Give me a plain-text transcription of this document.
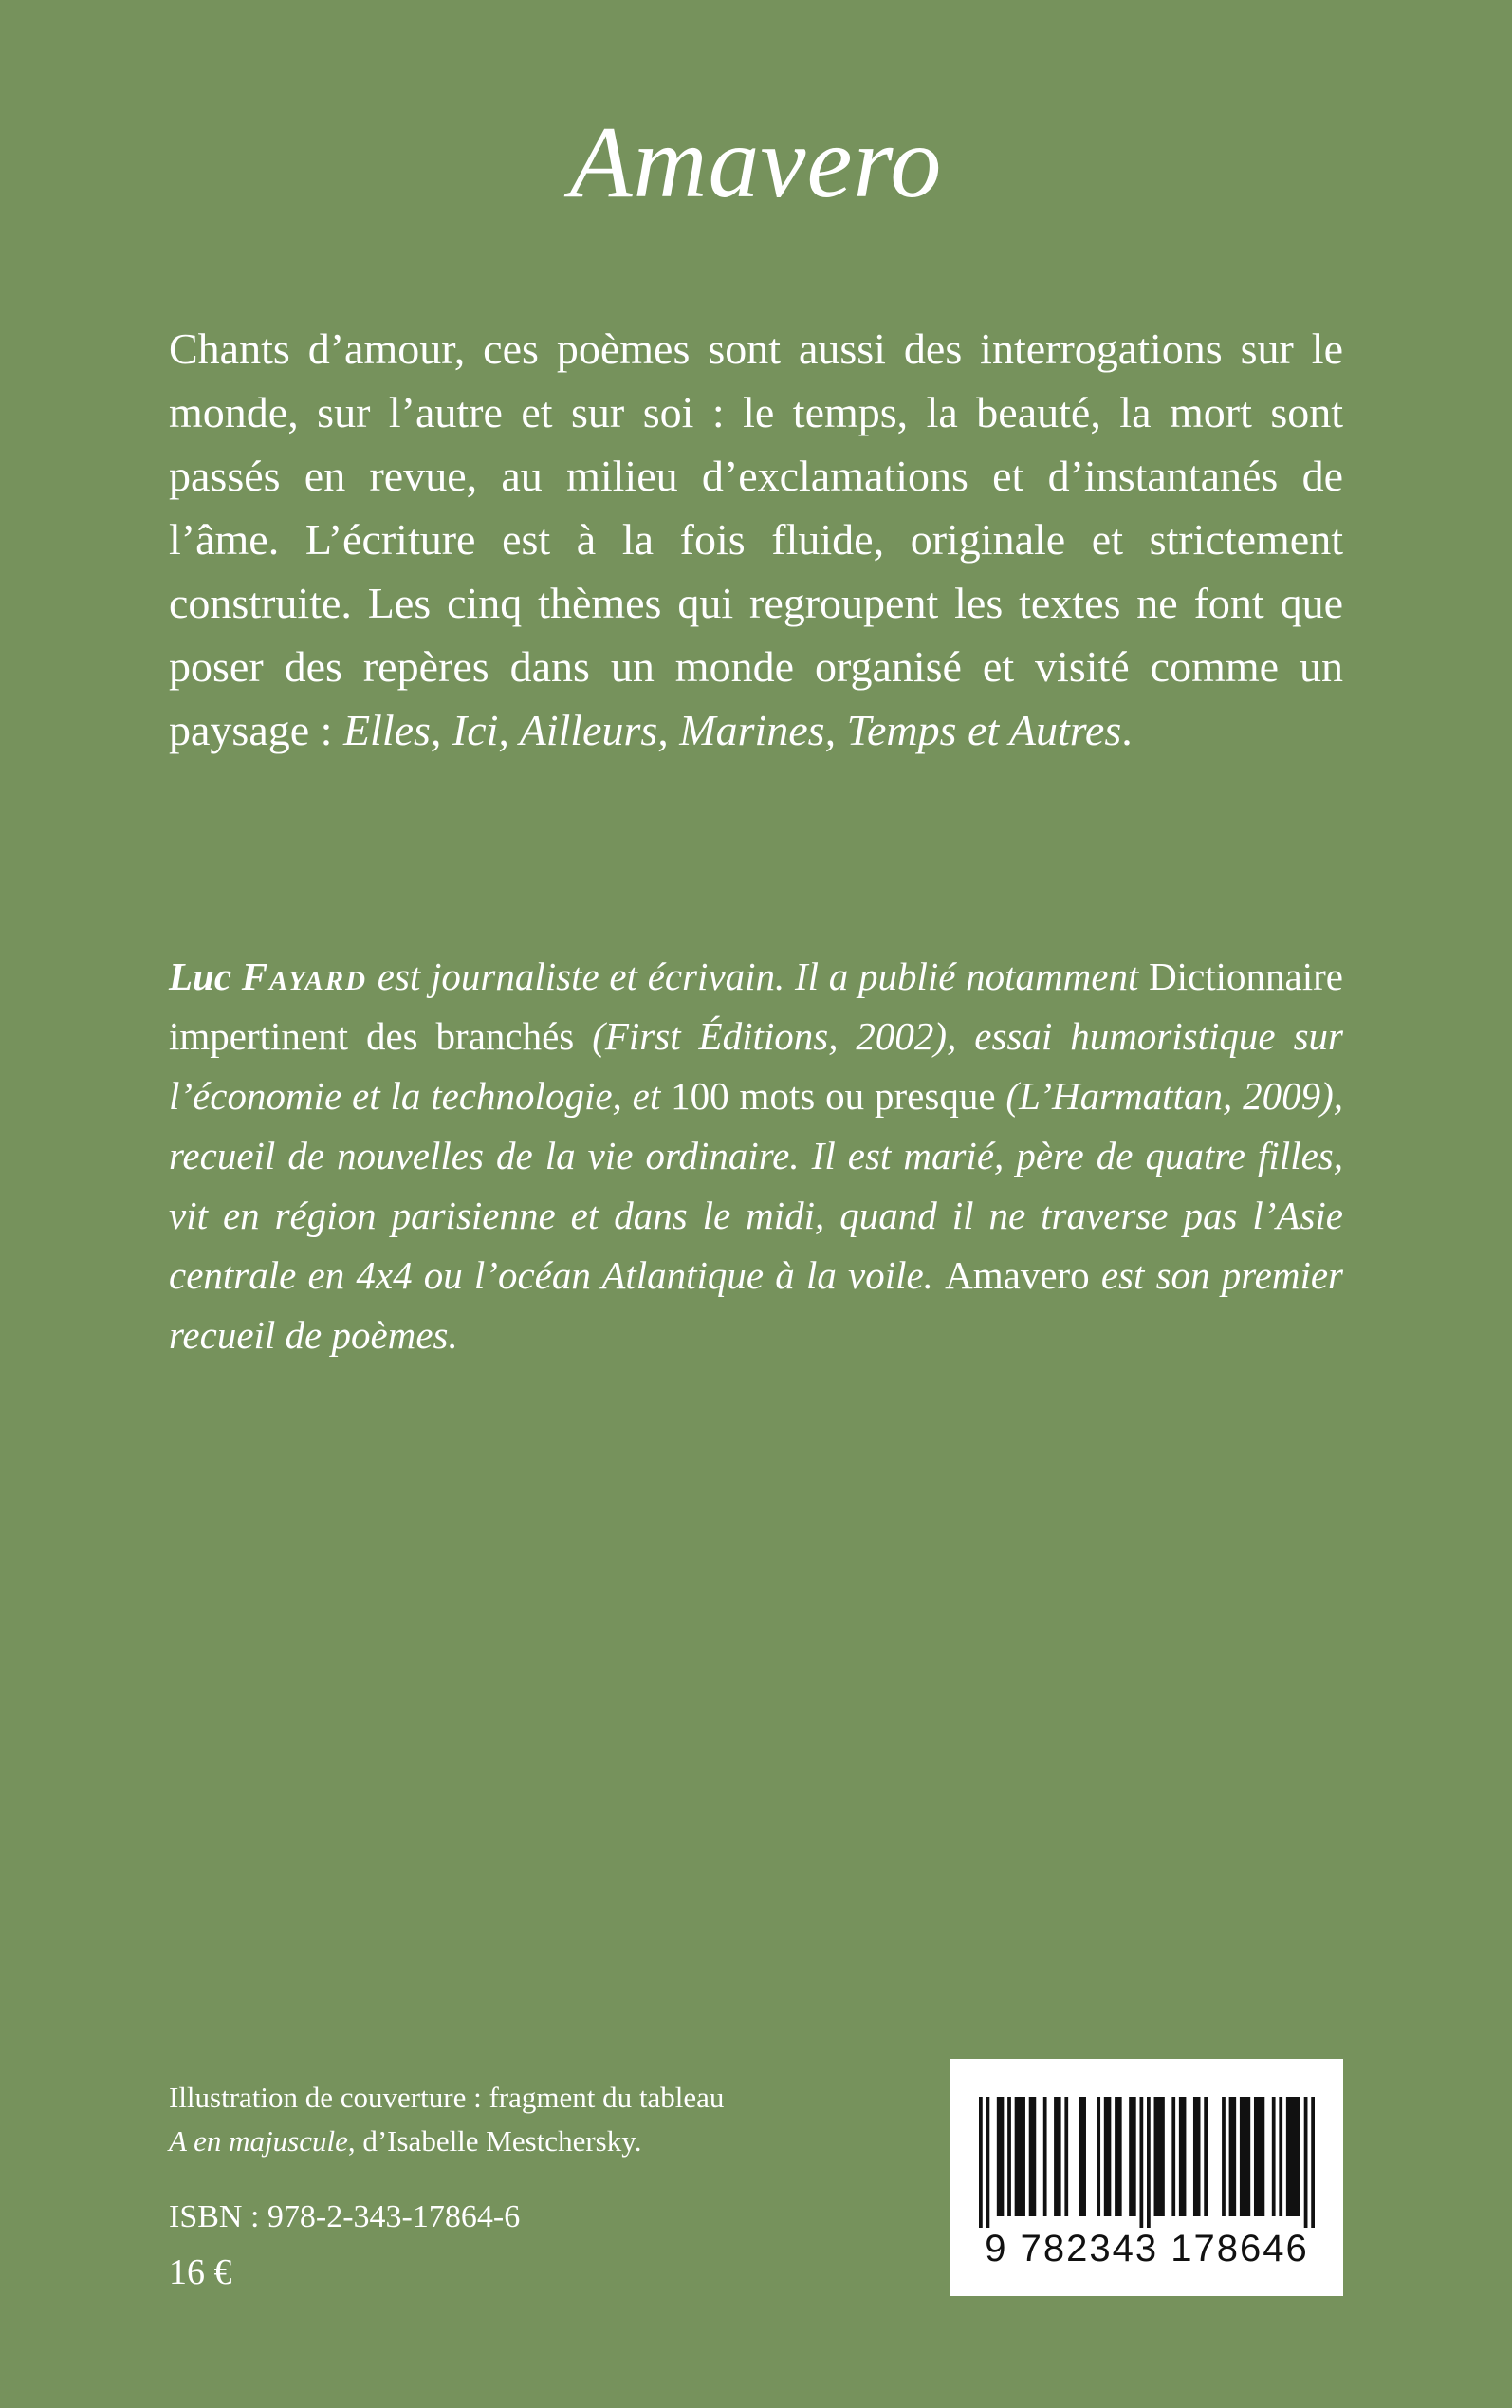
Amavero
Chants d’amour, ces poèmes sont aussi des interrogations sur le monde, sur l’autre et sur soi : le temps, la beauté, la mort sont passés en revue, au milieu d’exclamations et d’instantanés de l’âme. L’écriture est à la fois fluide, originale et strictement construite. Les cinq thèmes qui regroupent les textes ne font que poser des repères dans un monde organisé et visité comme un paysage : Elles, Ici, Ailleurs, Marines, Temps et Autres.
Luc Fayard est journaliste et écrivain. Il a publié notamment Dictionnaire impertinent des branchés (First Éditions, 2002), essai humoristique sur l’économie et la technologie, et 100 mots ou presque (L’Harmattan, 2009), recueil de nouvelles de la vie ordinaire. Il est marié, père de quatre filles, vit en région parisienne et dans le midi, quand il ne traverse pas l’Asie centrale en 4x4 ou l’océan Atlantique à la voile. Amavero est son premier recueil de poèmes.
Illustration de couverture : fragment du tableau
A en majuscule, d’Isabelle Mestchersky.
ISBN : 978-2-343-17864-6
16 €
9 782343 178646
